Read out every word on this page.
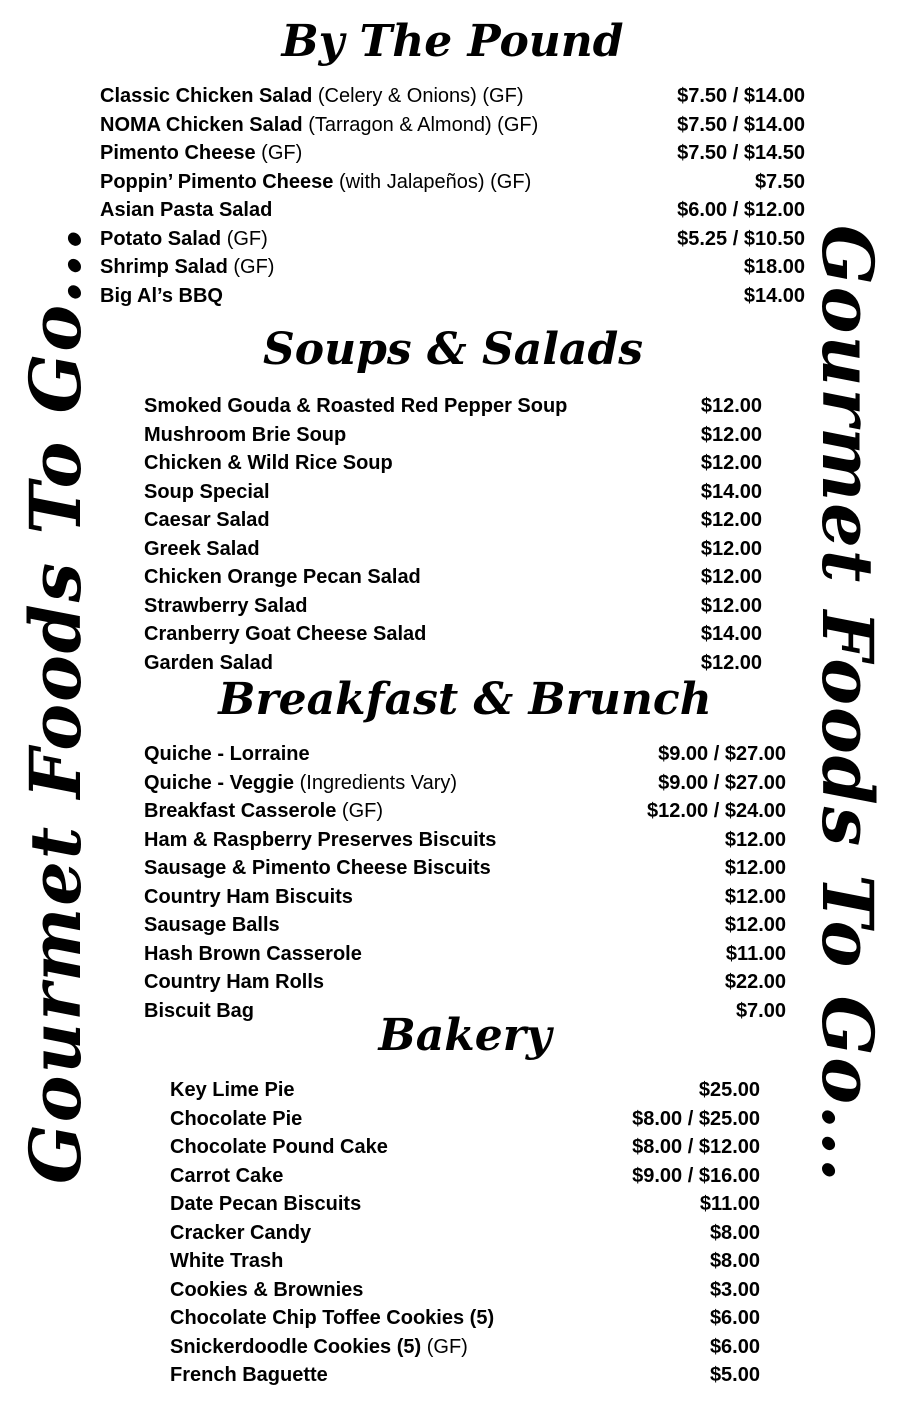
Gourmet Foods To Go...	Gourmet Foods To Go...
By The Pound
Classic Chicken Salad (Celery & Onions) (GF)	$7.50 / $14.00
NOMA Chicken Salad (Tarragon & Almond) (GF)	$7.50 / $14.00
Pimento Cheese (GF)	$7.50 / $14.50
Poppin’ Pimento Cheese (with Jalapeños) (GF)	$7.50
Asian Pasta Salad	$6.00 / $12.00
Potato Salad (GF)	$5.25 / $10.50
Shrimp Salad (GF)	$18.00
Big Al’s BBQ	$14.00
Soups & Salads
Smoked Gouda & Roasted Red Pepper Soup	$12.00
Mushroom Brie Soup	$12.00
Chicken & Wild Rice Soup	$12.00
Soup Special	$14.00
Caesar Salad	$12.00
Greek Salad	$12.00
Chicken Orange Pecan Salad	$12.00
Strawberry Salad	$12.00
Cranberry Goat Cheese Salad	$14.00
Garden Salad	$12.00
Breakfast & Brunch
Quiche - Lorraine	$9.00 / $27.00
Quiche - Veggie (Ingredients Vary)	$9.00 / $27.00
Breakfast Casserole (GF)	$12.00 / $24.00
Ham & Raspberry Preserves Biscuits	$12.00
Sausage & Pimento Cheese Biscuits	$12.00
Country Ham Biscuits	$12.00
Sausage Balls	$12.00
Hash Brown Casserole	$11.00
Country Ham Rolls	$22.00
Biscuit Bag	$7.00
Bakery
Key Lime Pie	$25.00
Chocolate Pie	$8.00 / $25.00
Chocolate Pound Cake	$8.00 / $12.00
Carrot Cake	$9.00 / $16.00
Date Pecan Biscuits	$11.00
Cracker Candy	$8.00
White Trash	$8.00
Cookies & Brownies	$3.00
Chocolate Chip Toffee Cookies (5)	$6.00
Snickerdoodle Cookies (5) (GF)	$6.00
French Baguette	$5.00
